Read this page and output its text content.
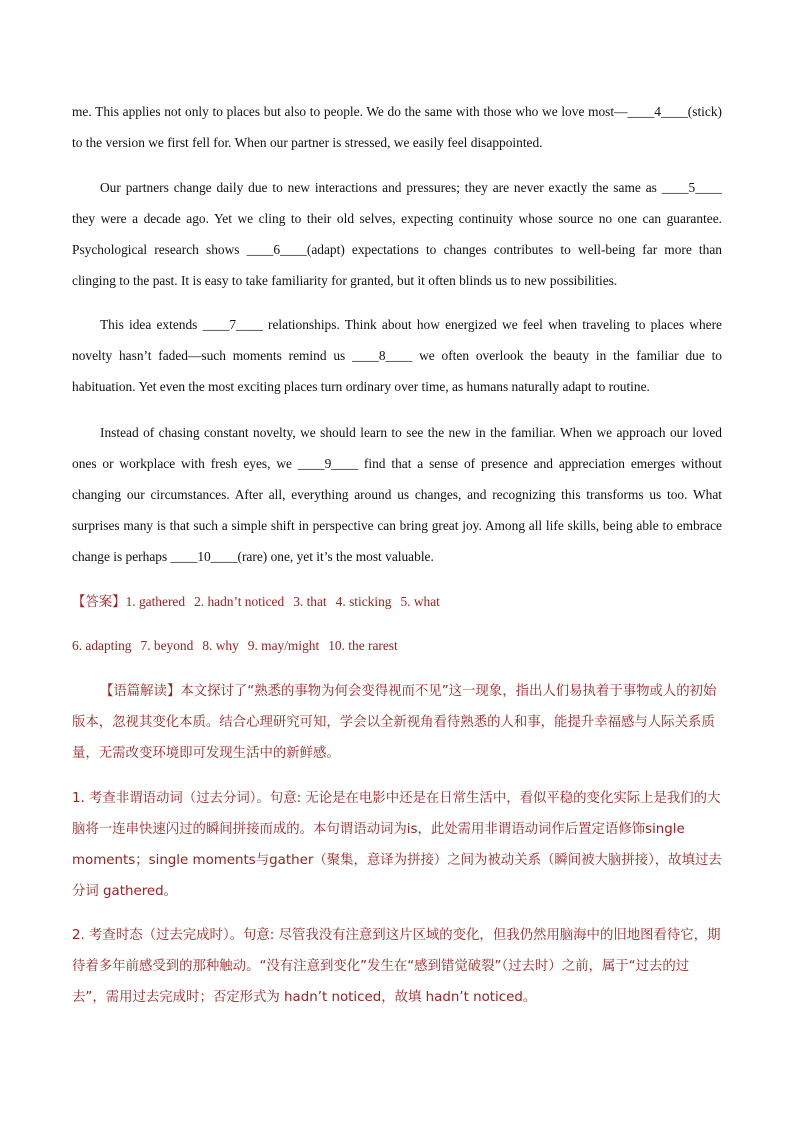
me. This applies not only to places but also to people. We do the same with those who we love most—____4____(stick) to the version we first fell for. When our partner is stressed, we easily feel disappointed.

Our partners change daily due to new interactions and pressures; they are never exactly the same as ____5____ they were a decade ago. Yet we cling to their old selves, expecting continuity whose source no one can guarantee. Psychological research shows ____6____(adapt) expectations to changes contributes to well-being far more than clinging to the past. It is easy to take familiarity for granted, but it often blinds us to new possibilities.

This idea extends ____7____ relationships. Think about how energized we feel when traveling to places where novelty hasn’t faded—such moments remind us ____8____ we often overlook the beauty in the familiar due to habituation. Yet even the most exciting places turn ordinary over time, as humans naturally adapt to routine.

Instead of chasing constant novelty, we should learn to see the new in the familiar. When we approach our loved ones or workplace with fresh eyes, we ____9____ find that a sense of presence and appreciation emerges without changing our circumstances. After all, everything around us changes, and recognizing this transforms us too. What surprises many is that such a simple shift in perspective can bring great joy. Among all life skills, being able to embrace change is perhaps ____10____(rare) one, yet it’s the most valuable.

【答案】1. gathered 2. hadn’t noticed 3. that 4. sticking 5. what
6. adapting 7. beyond 8. why 9. may/might 10. the rarest

【语篇解读】本文探讨了“熟悉的事物为何会变得视而不见”这一现象，指出人们易执着于事物或人的初始版本，忽视其变化本质。结合心理研究可知，学会以全新视角看待熟悉的人和事，能提升幸福感与人际关系质量，无需改变环境即可发现生活中的新鲜感。

1. 考查非谓语动词（过去分词）。句意: 无论是在电影中还是在日常生活中，看似平稳的变化实际上是我们的大脑将一连串快速闪过的瞬间拼接而成的。本句谓语动词为is，此处需用非谓语动词作后置定语修饰single moments；single moments与gather（聚集，意译为拼接）之间为被动关系（瞬间被大脑拼接），故填过去分词 gathered。

2. 考查时态（过去完成时）。句意: 尽管我没有注意到这片区域的变化，但我仍然用脑海中的旧地图看待它，期待着多年前感受到的那种触动。“没有注意到变化”发生在“感到错觉破裂”（过去时）之前，属于“过去的过去”，需用过去完成时；否定形式为 hadn’t noticed，故填 hadn’t noticed。
